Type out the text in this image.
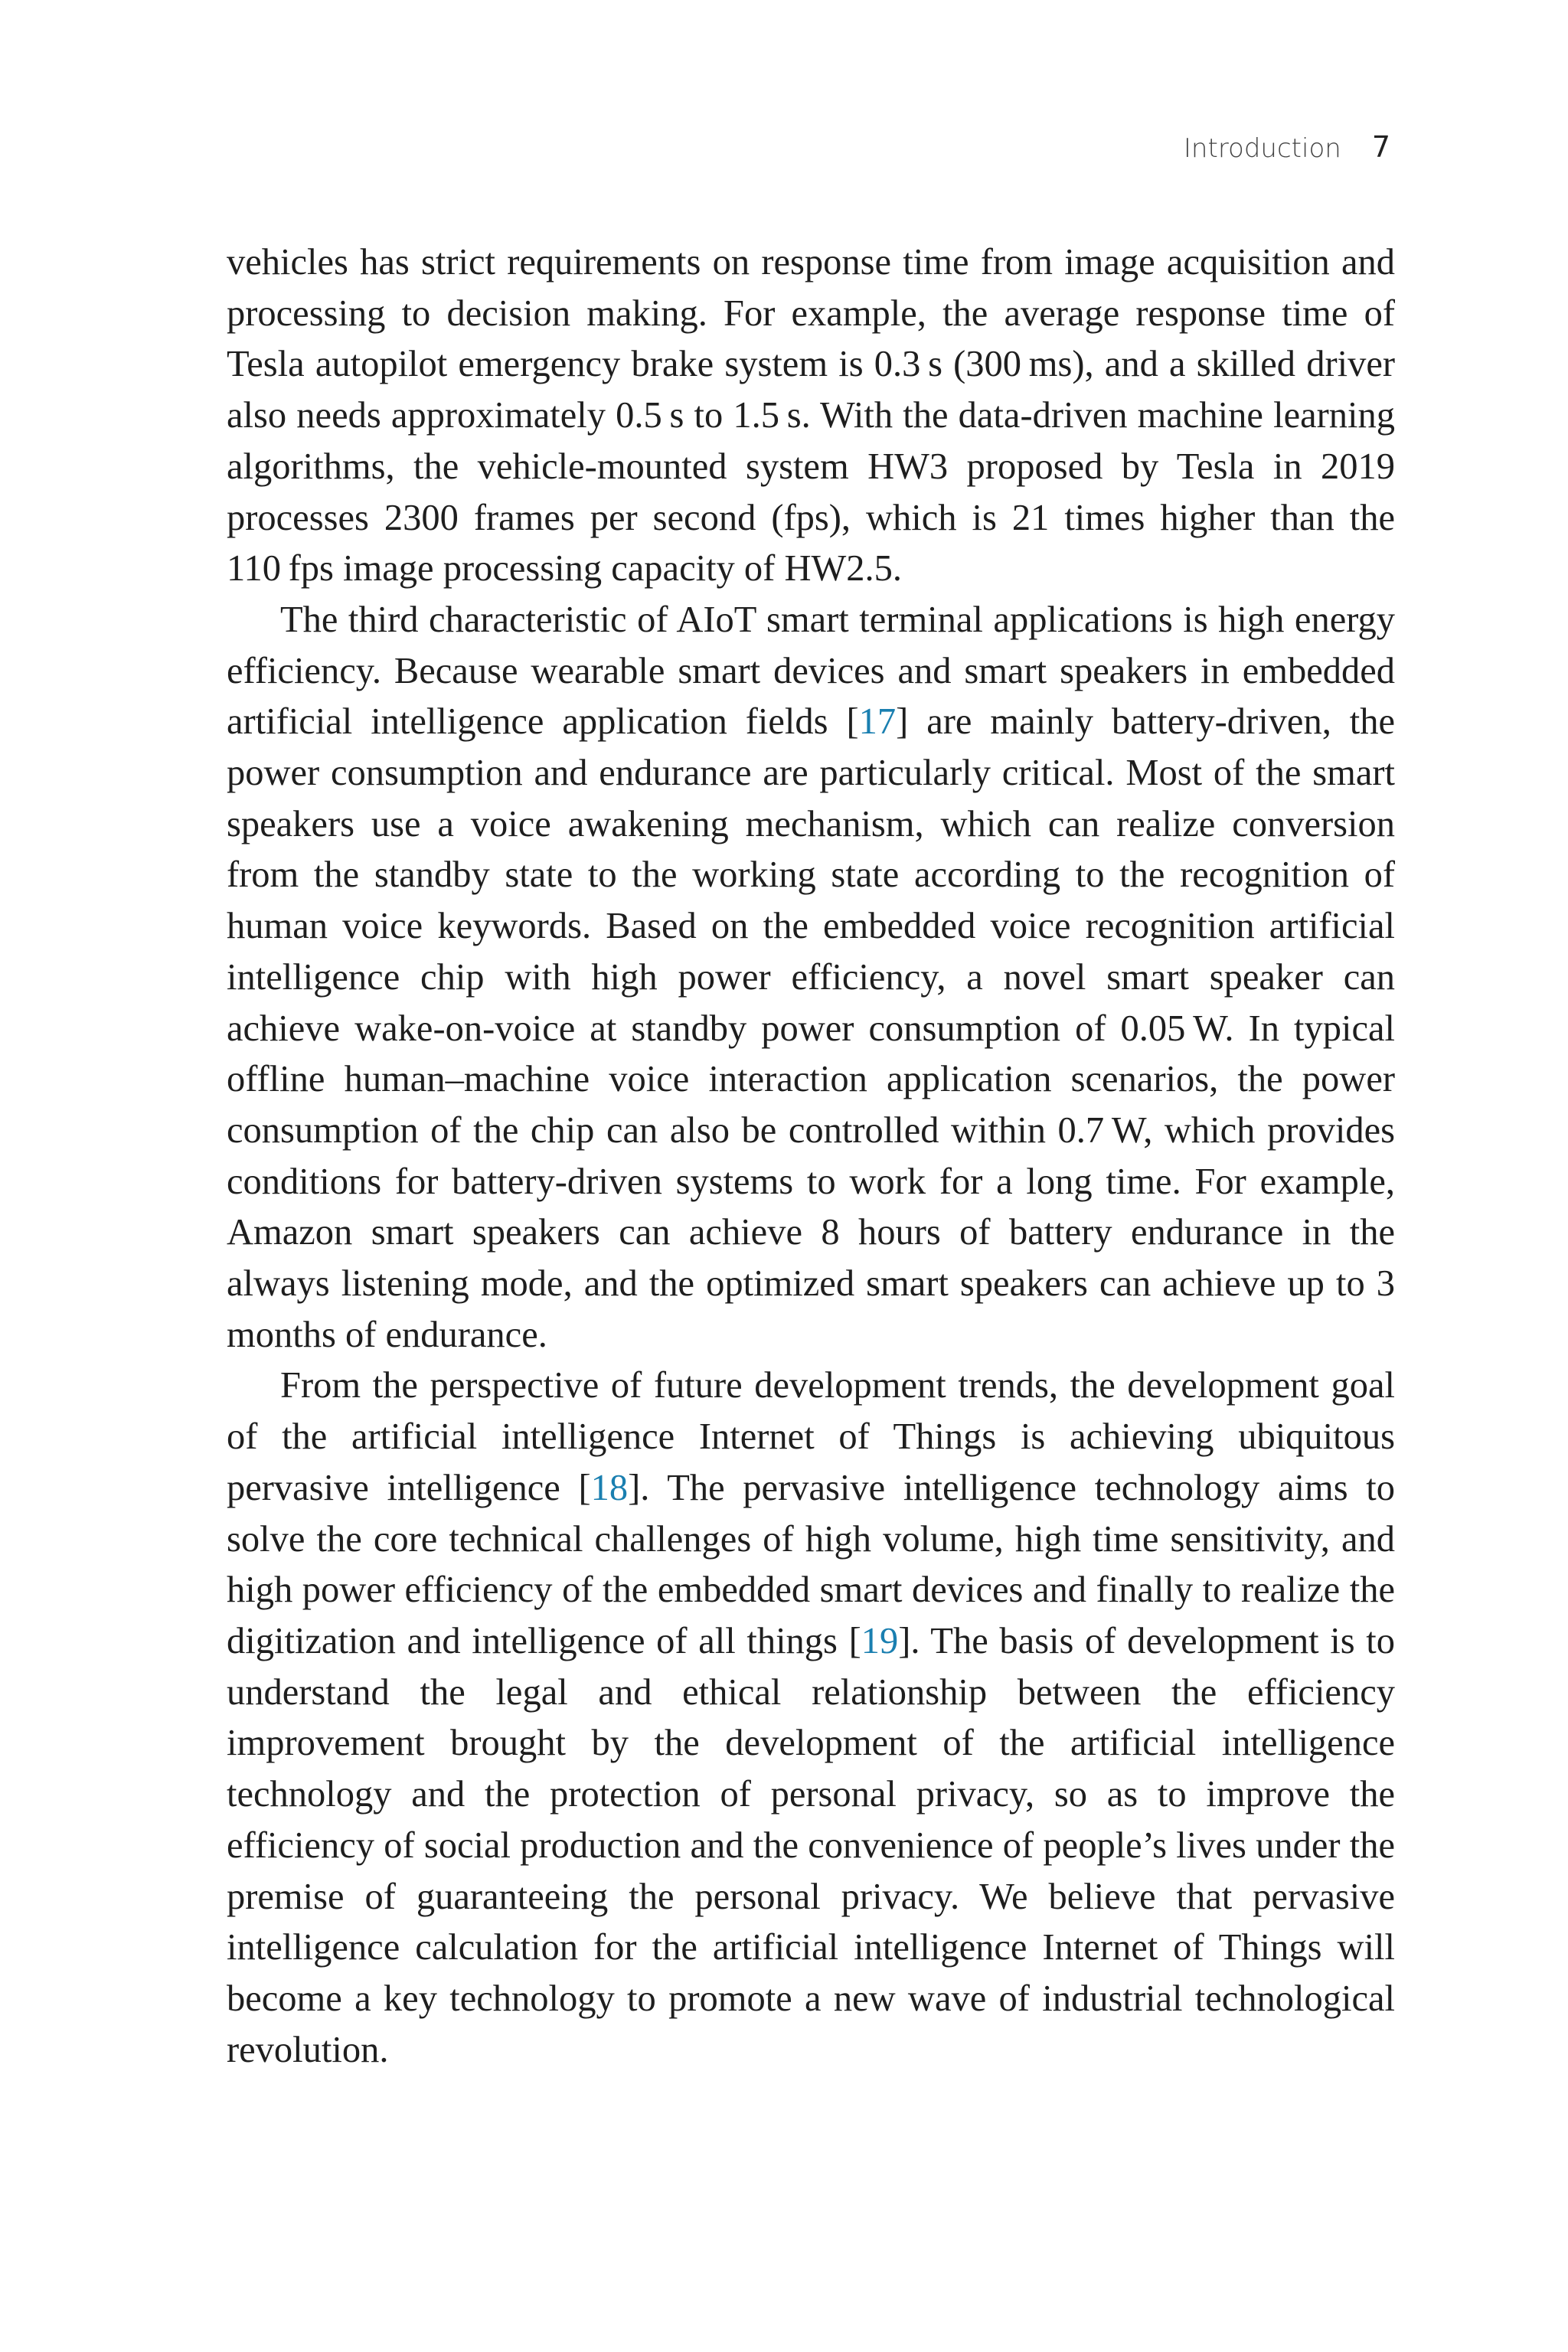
Introduction 7

vehicles has strict requirements on response time from image acquisition and processing to decision making. For example, the average response time of Tesla autopilot emergency brake system is 0.3 s (300 ms), and a skilled driver also needs approximately 0.5 s to 1.5 s. With the data-driven machine learning algorithms, the vehicle-mounted system HW3 proposed by Tesla in 2019 processes 2300 frames per second (fps), which is 21 times higher than the 110 fps image processing capacity of HW2.5.

The third characteristic of AIoT smart terminal applications is high energy efficiency. Because wearable smart devices and smart speakers in embedded artificial intelligence application fields [17] are mainly battery-driven, the power consumption and endurance are particularly critical. Most of the smart speakers use a voice awakening mechanism, which can realize conversion from the standby state to the working state according to the recognition of human voice keywords. Based on the embedded voice recognition artificial intelligence chip with high power efficiency, a novel smart speaker can achieve wake-on-voice at standby power consumption of 0.05 W. In typical offline human–machine voice interaction application scenarios, the power consumption of the chip can also be controlled within 0.7 W, which provides conditions for battery-driven systems to work for a long time. For example, Amazon smart speakers can achieve 8 hours of battery endurance in the always listening mode, and the optimized smart speakers can achieve up to 3 months of endurance.

From the perspective of future development trends, the development goal of the artificial intelligence Internet of Things is achieving ubiquitous pervasive intelligence [18]. The pervasive intelligence technology aims to solve the core technical challenges of high volume, high time sensitivity, and high power efficiency of the embedded smart devices and finally to realize the digitization and intelligence of all things [19]. The basis of development is to understand the legal and ethical relationship between the efficiency improvement brought by the development of the artificial intelligence technology and the protection of personal privacy, so as to improve the efficiency of social production and the convenience of people’s lives under the premise of guaranteeing the personal privacy. We believe that pervasive intelligence calculation for the artificial intelligence Internet of Things will become a key technology to promote a new wave of industrial technological revolution.
